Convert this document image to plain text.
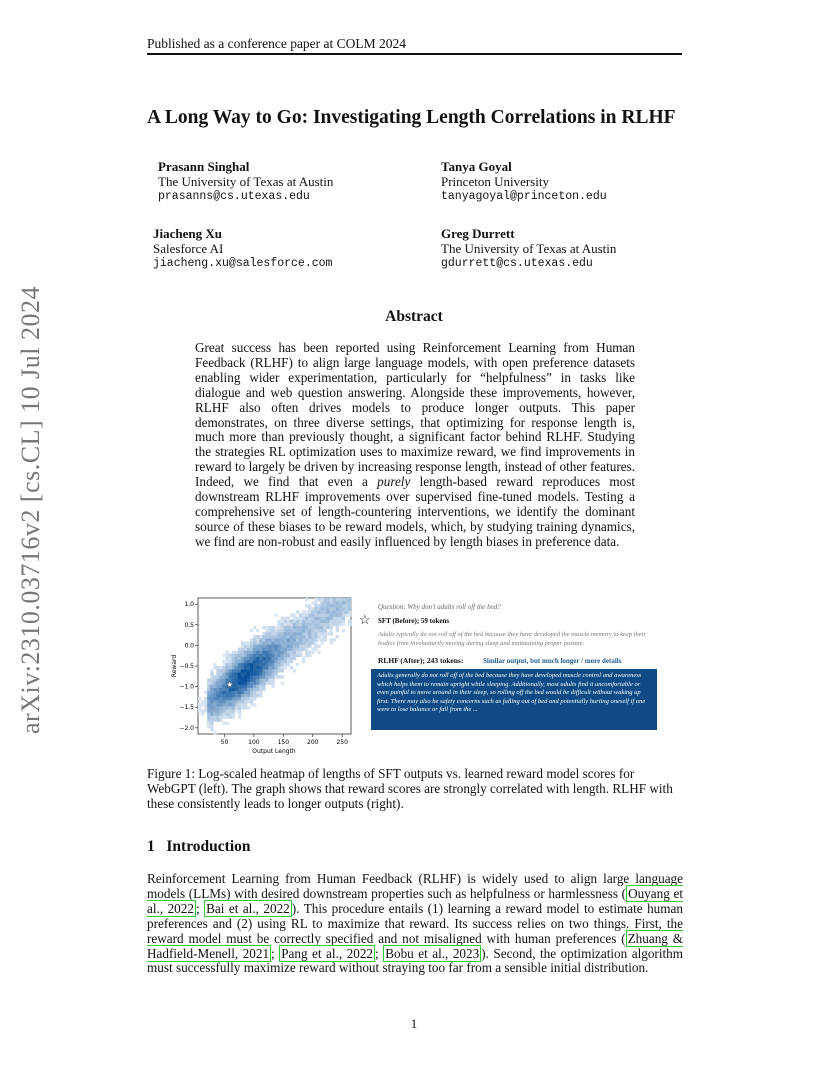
Published as a conference paper at COLM 2024
arXiv:2310.03716v2 [cs.CL] 10 Jul 2024
A Long Way to Go: Investigating Length Correlations in RLHF
Prasann Singhal
The University of Texas at Austin
prasanns@cs.utexas.edu
Tanya Goyal
Princeton University
tanyagoyal@princeton.edu
Jiacheng Xu
Salesforce AI
jiacheng.xu@salesforce.com
Greg Durrett
The University of Texas at Austin
gdurrett@cs.utexas.edu
Abstract

Great success has been reported using Reinforcement Learning from Human Feedback (RLHF) to align large language models, with open preference datasets enabling wider experimentation, particularly for “helpfulness” in tasks like dialogue and web question answering. Alongside these improvements, however, RLHF also often drives models to produce longer outputs. This paper demonstrates, on three diverse settings, that optimizing for response length is, much more than previously thought, a significant factor behind RLHF. Studying the strategies RL optimization uses to maximize reward, we find improvements in reward to largely be driven by increasing response length, instead of other features. Indeed, we find that even a purely length-based reward reproduces most downstream RLHF improvements over supervised fine-tuned models. Testing a comprehensive set of length-countering interventions, we identify the dominant source of these biases to be reward models, which, by studying training dynamics, we find are non-robust and easily influenced by length biases in preference data.

50	100	150	200	250
1.0
0.5
0.0
−0.5
−1.0
−1.5
−2.0
★
Output Length
Reward
Question: Why don't adults roll off the bed?
☆ SFT (Before); 59 tokens
Adults typically do not roll off of the bed because they have developed the muscle memory to keep their bodies from involuntarily moving during sleep and maintaining proper posture.
RLHF (After); 243 tokens:	Similar output, but much longer / more details
Adults generally do not roll off of the bed because they have developed muscle control and awareness which helps them to remain upright while sleeping. Additionally, most adults find it uncomfortable or even painful to move around in their sleep, so rolling off the bed would be difficult without waking up first. There may also be safety concerns such as falling out of bed and potentially hurting oneself if one were to lose balance or fall from the ...
Figure 1: Log-scaled heatmap of lengths of SFT outputs vs. learned reward model scores for WebGPT (left). The graph shows that reward scores are strongly correlated with length. RLHF with these consistently leads to longer outputs (right).
1 Introduction
Reinforcement Learning from Human Feedback (RLHF) is widely used to align large language models (LLMs) with desired downstream properties such as helpfulness or harmlessness ( Ouyang et al., 2022 ; Bai et al., 2022 ). This procedure entails (1) learning a reward model to estimate human preferences and (2) using RL to maximize that reward. Its success relies on two things. First, the reward model must be correctly specified and not misaligned with human preferences ( Zhuang & Hadfield-Menell, 2021 ; Pang et al., 2022 ; Bobu et al., 2023 ). Second, the optimization algorithm must successfully maximize reward without straying too far from a sensible initial distribution.
1
